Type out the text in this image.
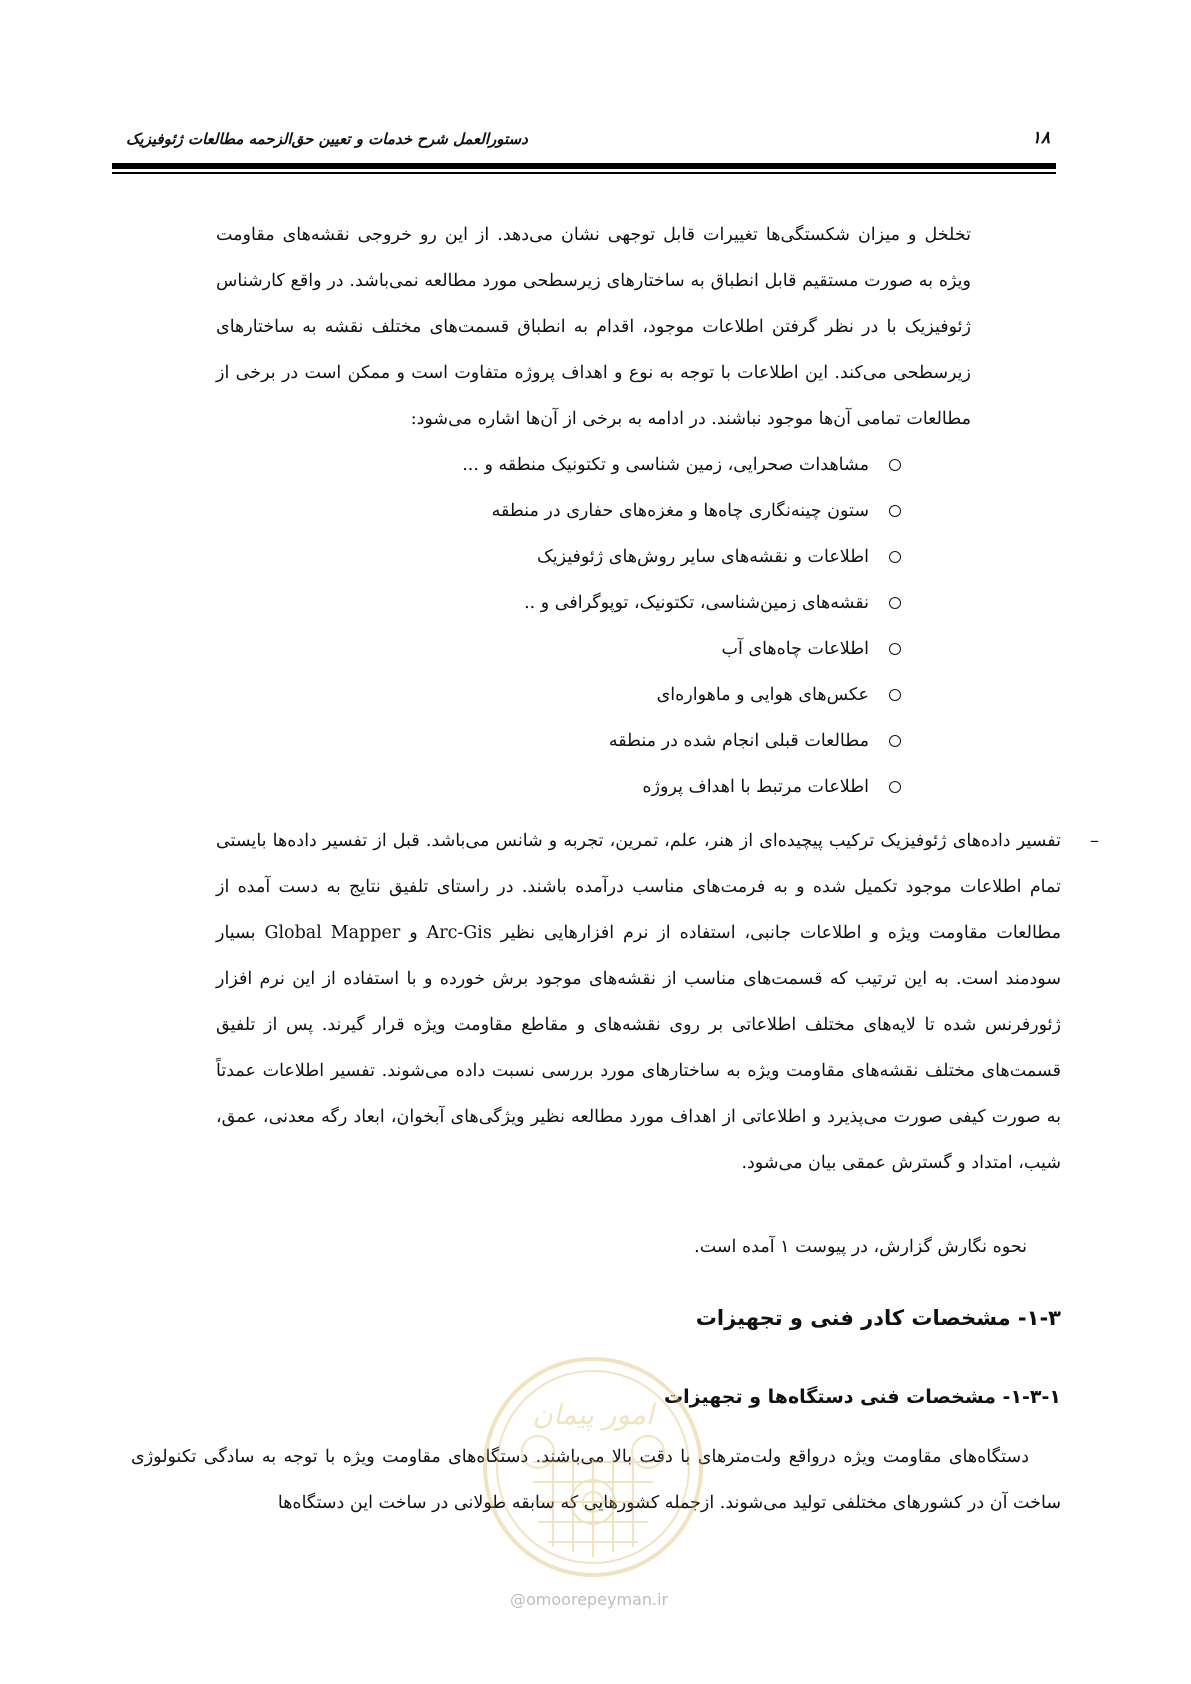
دستورالعمل شرح خدمات و تعیین حق‌الزحمه مطالعات ژئوفیزیک	۱۸
تخلخل و میزان شکستگی‌ها تغییرات قابل توجهی نشان می‌دهد. از این رو خروجی نقشه‌های مقاومت ویژه به صورت مستقیم قابل انطباق به ساختارهای زیرسطحی مورد مطالعه نمی‌باشد. در واقع کارشناس ژئوفیزیک با در نظر گرفتن اطلاعات موجود، اقدام به انطباق قسمت‌های مختلف نقشه به ساختارهای زیرسطحی می‌کند. این اطلاعات با توجه به نوع و اهداف پروژه متفاوت است و ممکن است در برخی از مطالعات تمامی آن‌ها موجود نباشند. در ادامه به برخی از آن‌ها اشاره می‌شود:
مشاهدات صحرایی، زمین شناسی و تکتونیک منطقه و ...
ستون چینه‌نگاری چاه‌ها و مغزه‌های حفاری در منطقه
اطلاعات و نقشه‌های سایر روش‌های ژئوفیزیک
نقشه‌های زمین‌شناسی، تکتونیک، توپوگرافی و ..
اطلاعات چاه‌های آب
عکس‌های هوایی و ماهواره‌ای
مطالعات قبلی انجام شده در منطقه
اطلاعات مرتبط با اهداف پروژه
–
تفسیر داده‌های ژئوفیزیک ترکیب پیچیده‌ای از هنر، علم، تمرین، تجربه و شانس می‌باشد. قبل از تفسیر داده‌ها بایستی تمام اطلاعات موجود تکمیل شده و به فرمت‌های مناسب درآمده باشند. در راستای تلفیق نتایج به دست آمده از مطالعات مقاومت ویژه و اطلاعات جانبی، استفاده از نرم افزارهایی نظیر Arc-Gis و Global Mapper بسیار سودمند است. به این ترتیب که قسمت‌های مناسب از نقشه‌های موجود برش خورده و با استفاده از این نرم افزار ژئورفرنس شده تا لایه‌های مختلف اطلاعاتی بر روی نقشه‌های و مقاطع مقاومت ویژه قرار گیرند. پس از تلفیق قسمت‌های مختلف نقشه‌های مقاومت ویژه به ساختارهای مورد بررسی نسبت داده می‌شوند. تفسیر اطلاعات عمدتاً به صورت کیفی صورت می‌پذیرد و اطلاعاتی از اهداف مورد مطالعه نظیر ویژگی‌های آبخوان، ابعاد رگه معدنی، عمق، شیب، امتداد و گسترش عمقی بیان می‌شود.
نحوه نگارش گزارش، در پیوست ۱ آمده است.
۱-۳- مشخصات کادر فنی و تجهیزات
۱-۳-۱- مشخصات فنی دستگاه‌ها و تجهیزات
دستگاه‌های مقاومت ویژه درواقع ولت‌مترهای با دقت بالا می‌باشند. دستگاه‌های مقاومت ویژه با توجه به سادگی تکنولوژی ساخت آن در کشورهای مختلفی تولید می‌شوند. ازجمله کشورهایی که سابقه طولانی در ساخت این دستگاه‌ها
امور پیمان
@omoorepeyman.ir
